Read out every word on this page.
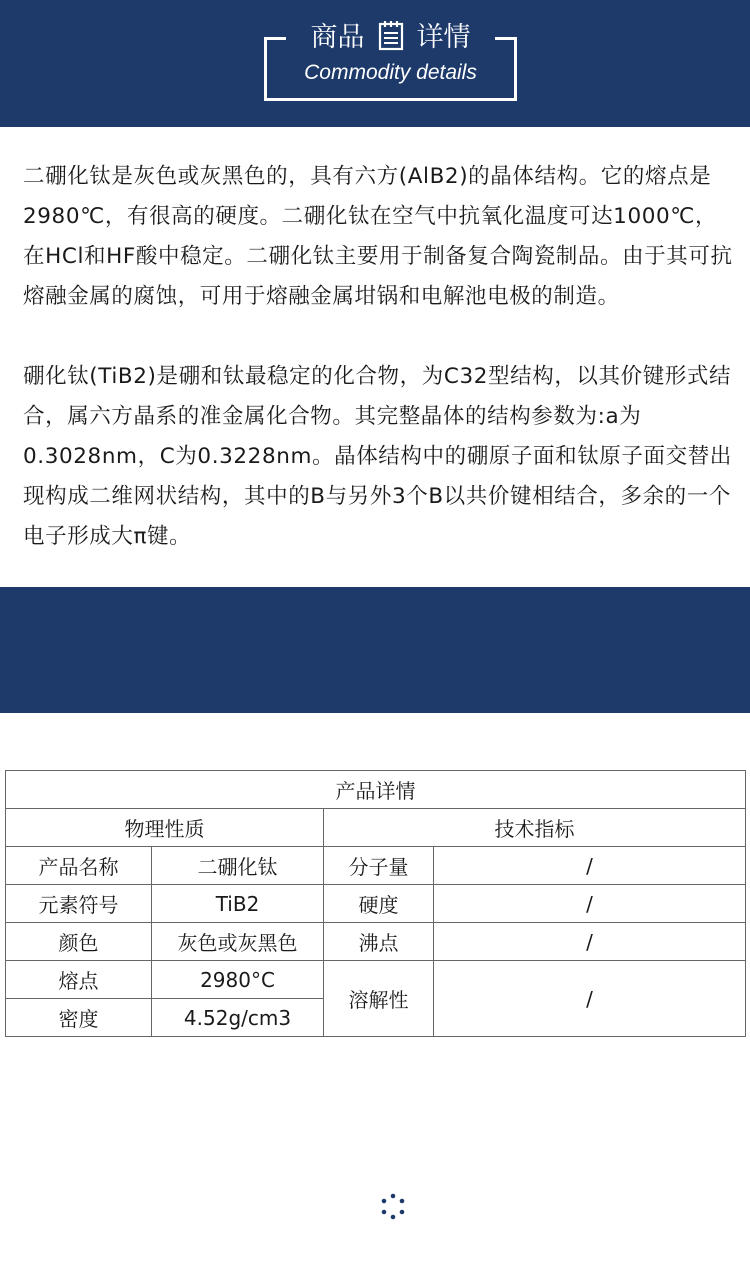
商品 详情
Commodity details
二硼化钛是灰色或灰黑色的，具有六方(AlB2)的晶体结构。它的熔点是2980℃，有很高的硬度。二硼化钛在空气中抗氧化温度可达1000℃，在HCl和HF酸中稳定。二硼化钛主要用于制备复合陶瓷制品。由于其可抗熔融金属的腐蚀，可用于熔融金属坩锅和电解池电极的制造。
硼化钛(TiB2)是硼和钛最稳定的化合物，为C32型结构，以其价键形式结合，属六方晶系的准金属化合物。其完整晶体的结构参数为:a为0.3028nm，C为0.3228nm。晶体结构中的硼原子面和钛原子面交替出现构成二维网状结构，其中的B与另外3个B以共价键相结合，多余的一个电子形成大π键。
化学 成分
Chemical composition
产品详情			
物理性质		技术指标	
产品名称	二硼化钛	分子量	/
元素符号	TiB2	硬度	/
颜色	灰色或灰黑色	沸点	/
熔点	2980°C	溶解性	/
密度	4.52g/cm3		
